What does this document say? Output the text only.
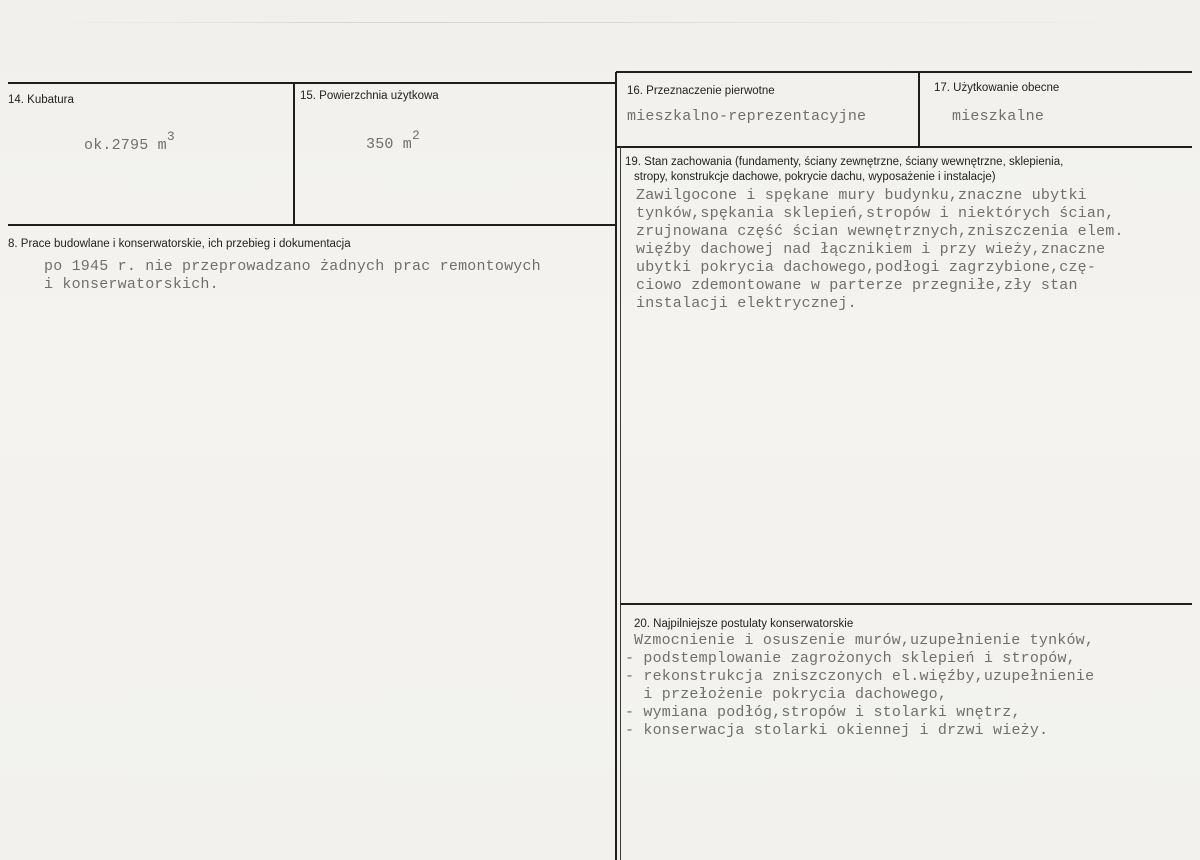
14. Kubatura
ok.2795 m3
15. Powierzchnia użytkowa
350 m2
16. Przeznaczenie pierwotne
mieszkalno-reprezentacyjne
17. Użytkowanie obecne
mieszkalne
8. Prace budowlane i konserwatorskie, ich przebieg i dokumentacja
po 1945 r. nie przeprowadzano żadnych prac remontowych
i konserwatorskich.
19. Stan zachowania (fundamenty, ściany zewnętrzne, ściany wewnętrzne, sklepienia,
stropy, konstrukcje dachowe, pokrycie dachu, wyposażenie i instalacje)
Zawilgocone i spękane mury budynku,znaczne ubytki
tynków,spękania sklepień,stropów i niektórych ścian,
zrujnowana część ścian wewnętrznych,zniszczenia elem.
więźby dachowej nad łącznikiem i przy wieży,znaczne
ubytki pokrycia dachowego,podłogi zagrzybione,czę-
ciowo zdemontowane w parterze przegniłe,zły stan
instalacji elektrycznej.
20. Najpilniejsze postulaty konserwatorskie
Wzmocnienie i osuszenie murów,uzupełnienie tynków,
- podstemplowanie zagrożonych sklepień i stropów,
- rekonstrukcja zniszczonych el.więźby,uzupełnienie
i przełożenie pokrycia dachowego,
- wymiana podłóg,stropów i stolarki wnętrz,
- konserwacja stolarki okiennej i drzwi wieży.
